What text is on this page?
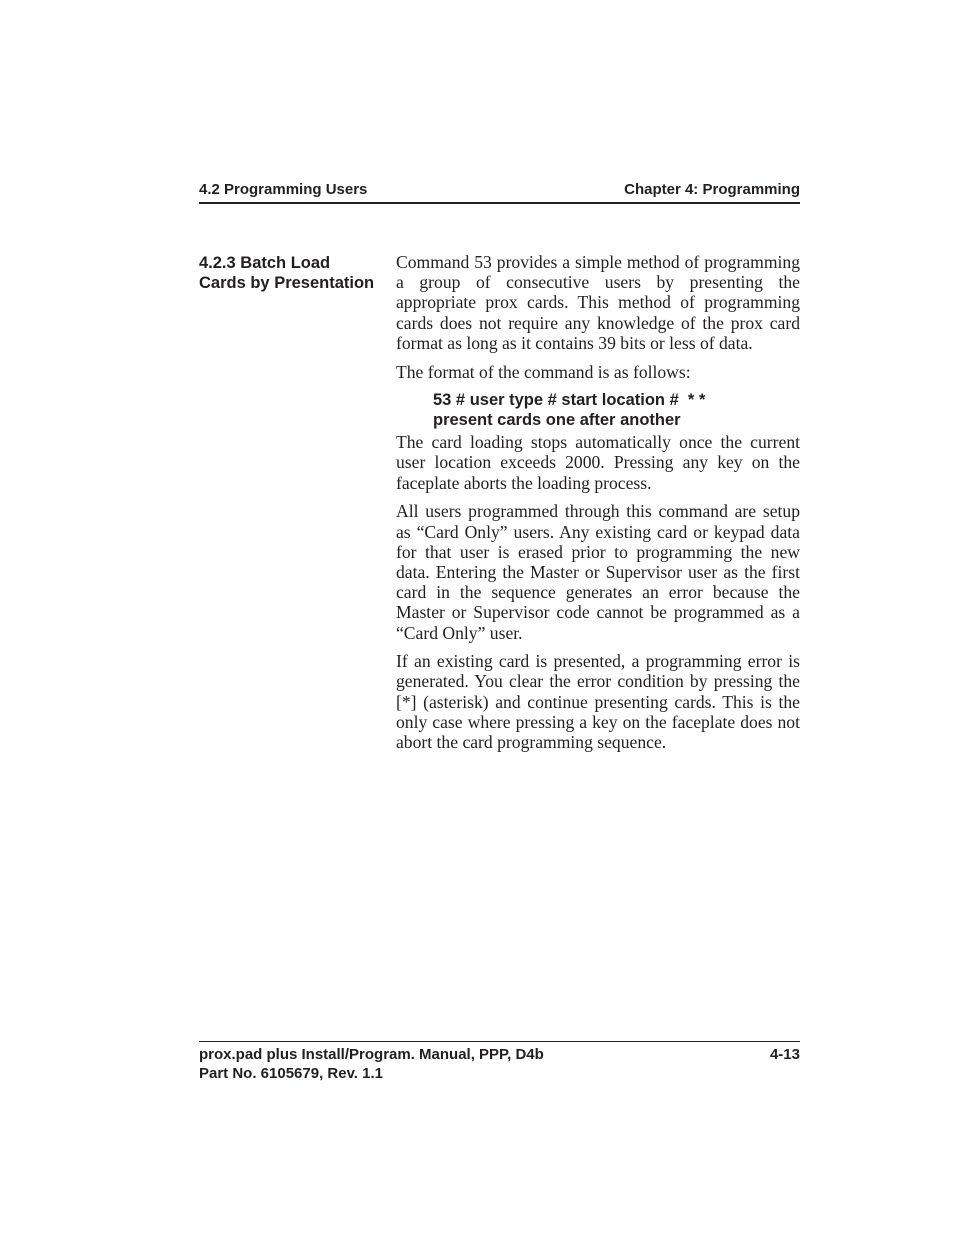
4.2 Programming Users	Chapter 4: Programming
4.2.3 Batch Load
Cards by Presentation

Command 53 provides a simple method of programming a group of consecutive users by presenting the appropriate prox cards. This method of programming cards does not require any knowledge of the prox card format as long as it contains 39 bits or less of data.

The format of the command is as follows:

53 # user type # start location #  * *
present cards one after another

The card loading stops automatically once the current user location exceeds 2000. Pressing any key on the faceplate aborts the loading process.

All users programmed through this command are setup as “Card Only” users. Any existing card or keypad data for that user is erased prior to programming the new data. Entering the Master or Supervisor user as the first card in the sequence generates an error because the Master or Supervisor code cannot be programmed as a “Card Only” user.

If an existing card is presented, a programming error is generated. You clear the error condition by pressing the [*] (asterisk) and continue presenting cards. This is the only case where pressing a key on the faceplate does not abort the card programming sequence.

prox.pad plus Install/Program. Manual, PPP, D4b
Part No. 6105679, Rev. 1.1
4-13
